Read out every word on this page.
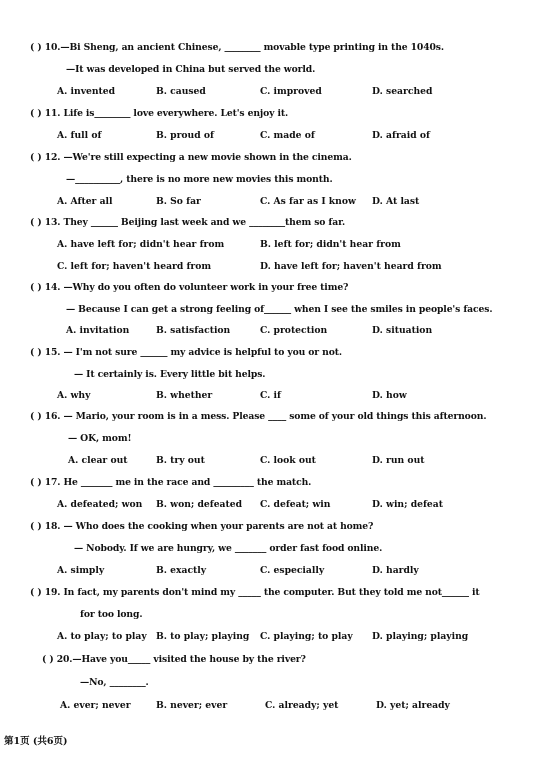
( ) 10.—Bi Sheng, an ancient Chinese, ________ movable type printing in the 1040s.
—It was developed in China but served the world.
A. invented	B. caused	C. improved	D. searched
( ) 11. Life is________ love everywhere. Let's enjoy it.
A. full of	B. proud of	C. made of	D. afraid of
( ) 12. —We're still expecting a new movie shown in the cinema.
—__________, there is no more new movies this month.
A. After all	B. So far	C. As far as I know D. At last
( ) 13. They ______ Beijing last week and we ________them so far.
A. have left for; didn't hear from	B. left for; didn't hear from
C. left for; haven't heard from	D. have left for; haven't heard from
( ) 14. —Why do you often do volunteer work in your free time?
— Because I can get a strong feeling of______ when I see the smiles in people's faces.
A. invitation	B. satisfaction	C. protection	D. situation
( ) 15. — I'm not sure ______ my advice is helpful to you or not.
— It certainly is. Every little bit helps.
A. why	B. whether	C. if	D. how
( ) 16. — Mario, your room is in a mess. Please ____ some of your old things this afternoon.
— OK, mom!
A. clear out	B. try out	C. look out	D. run out
( ) 17. He _______ me in the race and _________ the match.
A. defeated; won B. won; defeated C. defeat; win	D. win; defeat
( ) 18. — Who does the cooking when your parents are not at home?
— Nobody. If we are hungry, we _______ order fast food online.
A. simply	B. exactly	C. especially	D. hardly
( ) 19. In fact, my parents don't mind my _____ the computer. But they told me not______ it
for too long.
A. to play; to play B. to play; playing C. playing; to play D. playing; playing
( ) 20.—Have you_____ visited the house by the river?
—No, ________.
A. ever; never	B. never; ever	C. already; yet	D. yet; already
第1页 (共6页)
